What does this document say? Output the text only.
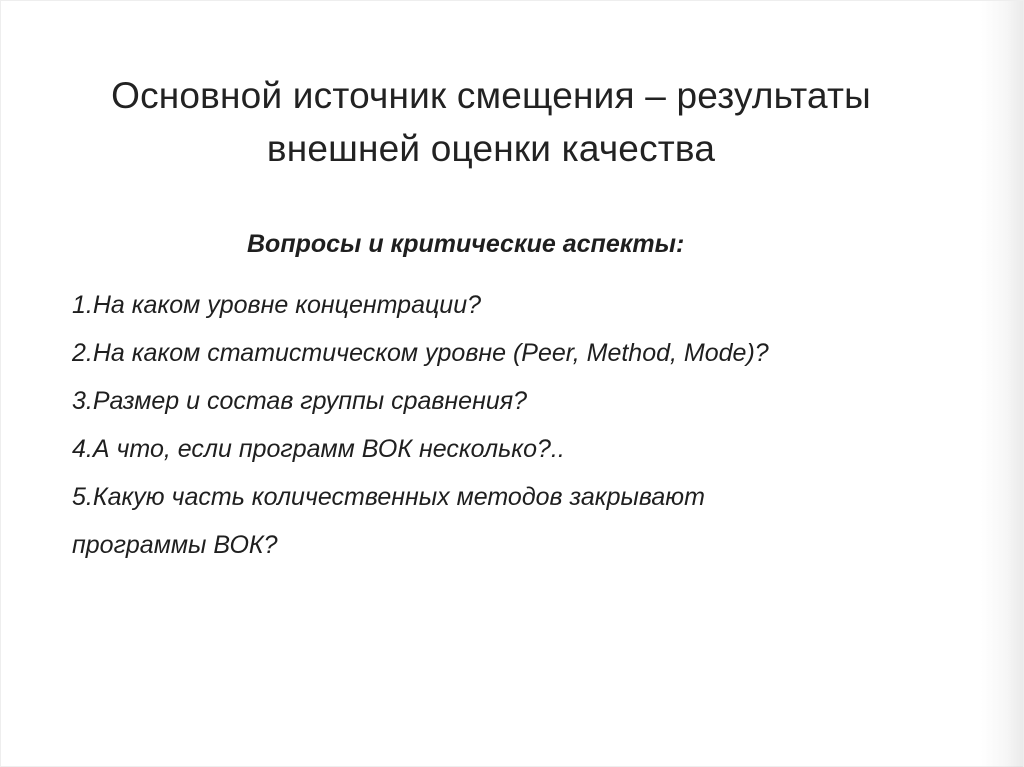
Основной источник смещения – результаты
внешней оценки качества

Вопросы и критические аспекты:

1.На каком уровне концентрации?
2.На каком статистическом уровне (Peer, Method, Mode)?
3.Размер и состав группы сравнения?
4.А что, если программ ВОК несколько?..
5.Какую часть количественных методов закрывают
программы ВОК?
